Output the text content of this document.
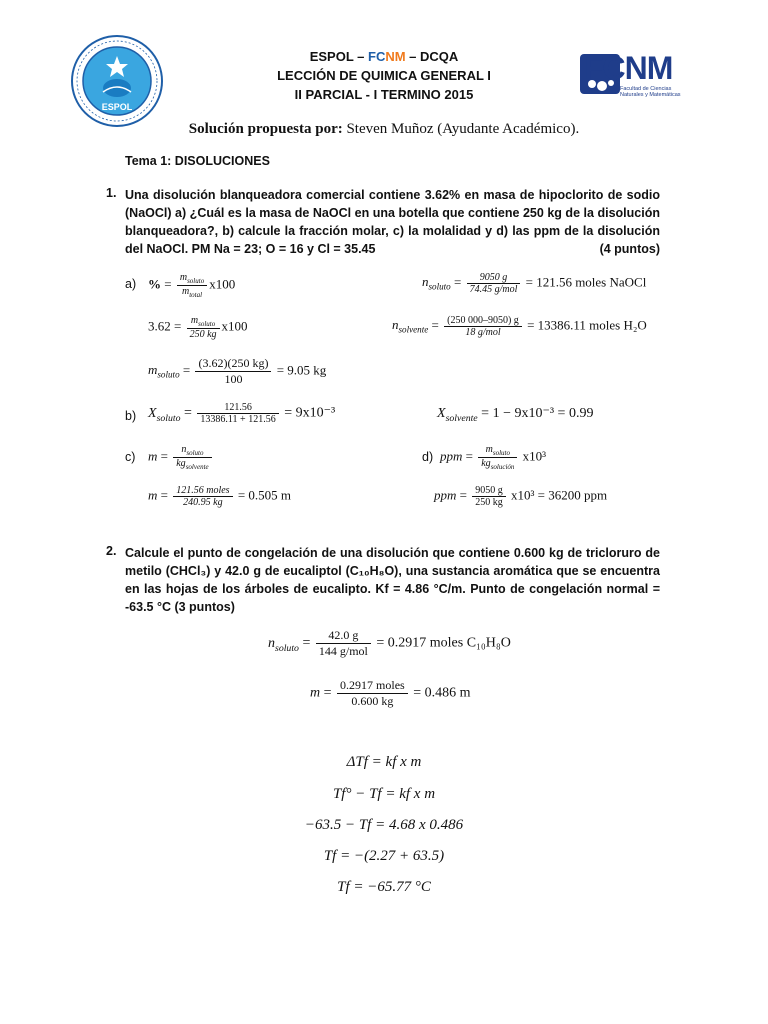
ESPOL
FCNM
Facultad de Ciencias Naturales y Matemáticas
ESPOL – FCNM – DCQA
LECCIÓN DE QUIMICA GENERAL I
II PARCIAL - I TERMINO 2015
Solución propuesta por: Steven Muñoz (Ayudante Académico).
Tema 1: DISOLUCIONES
1. Una disolución blanqueadora comercial contiene 3.62% en masa de hipoclorito de sodio (NaOCl) a) ¿Cuál es la masa de NaOCl en una botella que contiene 250 kg de la disolución blanqueadora?, b) calcule la fracción molar, c) la molalidad y d) las ppm de la disolución del NaOCl. PM Na = 23; O = 16 y Cl = 35.45	(4 puntos)
a) % = $\frac{m_{soluto}}{m_{total}} x100$
$3.62 = \frac{m_{soluto}}{250 kg} x100$
$m_{soluto} = \frac{(3.62)(250 kg)}{100} = 9.05$ kg
$n_{soluto} = \frac{9050 g}{\text{74.45 g/mol}} = 121.56$ moles NaOCl
$n_{solvente} = \frac{(250 000-9050) g}{\text{18 g/mol}} = 13386.11$ moles H₂O
b) $X_{soluto} = \frac{121.56}{13386.11 + 121.56} = 9x10^{-3}$	$X_{solvente} = 1 - 9x10^{-3} = 0.99$
c) $m = \frac{n_{soluto}}{kg_{solvente}}$
$m = \frac{\text{121.56 moles}}{240.95 kg} = 0.505$ m
d) ppm = $\frac{m_{soluto}}{kg_{solución}} x10^3$
ppm = $\frac{9050 g}{250 kg} x10^3 = 36200$ ppm
2. Calcule el punto de congelación de una disolución que contiene 0.600 kg de tricloruro de metilo (CHCl₃) y 42.0 g de eucaliptol (C₁₀H₈O), una sustancia aromática que se encuentra en las hojas de los árboles de eucalipto. Kf = 4.86 °C/m. Punto de congelación normal = -63.5 °C (3 puntos)
$n_{soluto} = \frac{42.0 g}{\text{144 g/mol}} = 0.2917$ moles C₁₀H₈O
$m = \frac{\text{0.2917 moles}}{0.600 kg} = 0.486$ m
ΔTf = kf x m
Tf° − Tf = kf x m
−63.5 − Tf = 4.68 x 0.486
Tf = −(2.27 + 63.5)
Tf = −65.77 °C
